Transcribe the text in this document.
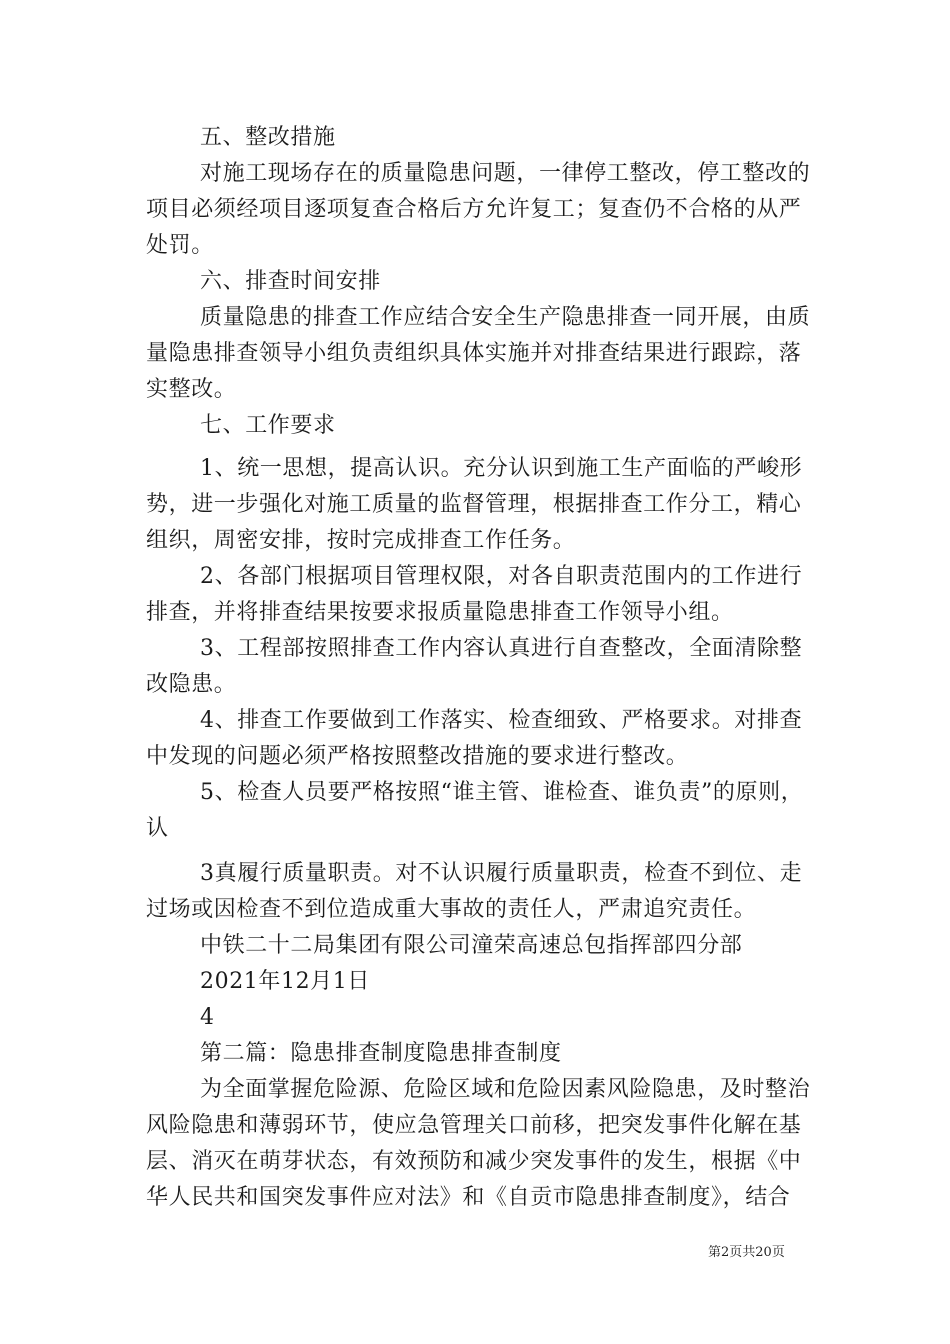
五、整改措施
对施工现场存在的质量隐患问题，一律停工整改，停工整改的
项目必须经项目逐项复查合格后方允许复工；复查仍不合格的从严
处罚。
六、排查时间安排
质量隐患的排查工作应结合安全生产隐患排查一同开展，由质
量隐患排查领导小组负责组织具体实施并对排查结果进行跟踪，落
实整改。
七、工作要求
1、统一思想，提高认识。充分认识到施工生产面临的严峻形
势，进一步强化对施工质量的监督管理，根据排查工作分工，精心
组织，周密安排，按时完成排查工作任务。
2、各部门根据项目管理权限，对各自职责范围内的工作进行
排查，并将排查结果按要求报质量隐患排查工作领导小组。
3、工程部按照排查工作内容认真进行自查整改，全面清除整
改隐患。
4、排查工作要做到工作落实、检查细致、严格要求。对排查
中发现的问题必须严格按照整改措施的要求进行整改。
5、检查人员要严格按照“谁主管、谁检查、谁负责”的原则，
认
3真履行质量职责。对不认识履行质量职责，检查不到位、走
过场或因检查不到位造成重大事故的责任人，严肃追究责任。
中铁二十二局集团有限公司潼荣高速总包指挥部四分部
2021年12月1日
4
第二篇：隐患排查制度隐患排查制度
为全面掌握危险源、危险区域和危险因素风险隐患，及时整治
风险隐患和薄弱环节，使应急管理关口前移，把突发事件化解在基
层、消灭在萌芽状态，有效预防和减少突发事件的发生，根据《中
华人民共和国突发事件应对法》和《自贡市隐患排查制度》，结合
第2页共20页
